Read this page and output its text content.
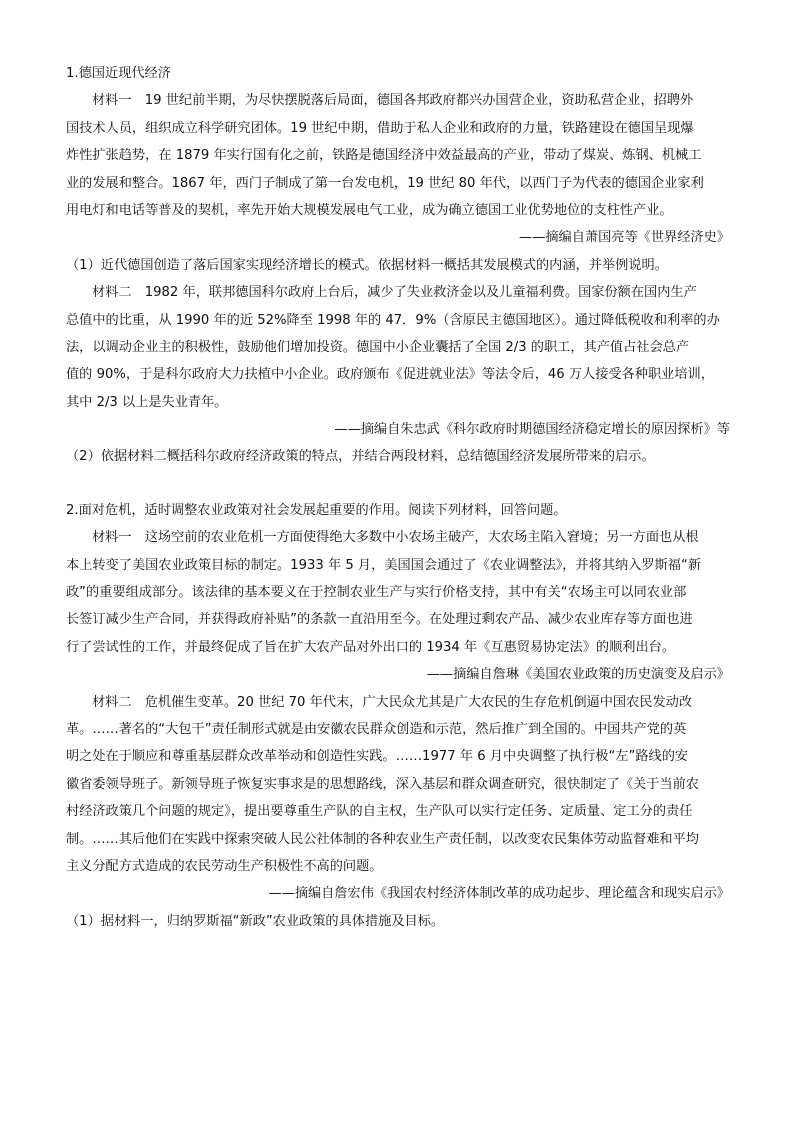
1.德国近现代经济

材料一　19 世纪前半期，为尽快摆脱落后局面，德国各邦政府都兴办国营企业，资助私营企业，招聘外

国技术人员，组织成立科学研究团体。19 世纪中期，借助于私人企业和政府的力量，铁路建设在德国呈现爆

炸性扩张趋势，在 1879 年实行国有化之前，铁路是德国经济中效益最高的产业，带动了煤炭、炼钢、机械工

业的发展和整合。1867 年，西门子制成了第一台发电机，19 世纪 80 年代，以西门子为代表的德国企业家利

用电灯和电话等普及的契机，率先开始大规模发展电气工业，成为确立德国工业优势地位的支柱性产业。

——摘编自萧国亮等《世界经济史》

（1）近代德国创造了落后国家实现经济增长的模式。依据材料一概括其发展模式的内涵，并举例说明。

材料二　1982 年，联邦德国科尔政府上台后，减少了失业救济金以及儿童福利费。国家份额在国内生产

总值中的比重，从 1990 年的近 52%降至 1998 年的 47．9%（含原民主德国地区）。通过降低税收和利率的办

法，以调动企业主的积极性，鼓励他们增加投资。德国中小企业囊括了全国 2/3 的职工，其产值占社会总产

值的 90%，于是科尔政府大力扶植中小企业。政府颁布《促进就业法》等法令后，46 万人接受各种职业培训，

其中 2/3 以上是失业青年。

——摘编自朱忠武《科尔政府时期德国经济稳定增长的原因探析》等

（2）依据材料二概括科尔政府经济政策的特点，并结合两段材料，总结德国经济发展所带来的启示。

2.面对危机，适时调整农业政策对社会发展起重要的作用。阅读下列材料，回答问题。

材料一　这场空前的农业危机一方面使得绝大多数中小农场主破产，大农场主陷入窘境；另一方面也从根

本上转变了美国农业政策目标的制定。1933 年 5 月，美国国会通过了《农业调整法》，并将其纳入罗斯福“新

政”的重要组成部分。该法律的基本要义在于控制农业生产与实行价格支持，其中有关“农场主可以同农业部

长签订减少生产合同，并获得政府补贴”的条款一直沿用至今。在处理过剩农产品、减少农业库存等方面也进

行了尝试性的工作，并最终促成了旨在扩大农产品对外出口的 1934 年《互惠贸易协定法》的顺利出台。

——摘编自詹琳《美国农业政策的历史演变及启示》

材料二　危机催生变革。20 世纪 70 年代末，广大民众尤其是广大农民的生存危机倒逼中国农民发动改

革。……著名的“大包干”责任制形式就是由安徽农民群众创造和示范，然后推广到全国的。中国共产党的英

明之处在于顺应和尊重基层群众改革举动和创造性实践。……1977 年 6 月中央调整了执行极“左”路线的安

徽省委领导班子。新领导班子恢复实事求是的思想路线，深入基层和群众调查研究，很快制定了《关于当前农

村经济政策几个问题的规定》，提出要尊重生产队的自主权，生产队可以实行定任务、定质量、定工分的责任

制。……其后他们在实践中探索突破人民公社体制的各种农业生产责任制，以改变农民集体劳动监督难和平均

主义分配方式造成的农民劳动生产积极性不高的问题。

——摘编自詹宏伟《我国农村经济体制改革的成功起步、理论蕴含和现实启示》

（1）据材料一，归纳罗斯福“新政”农业政策的具体措施及目标。
